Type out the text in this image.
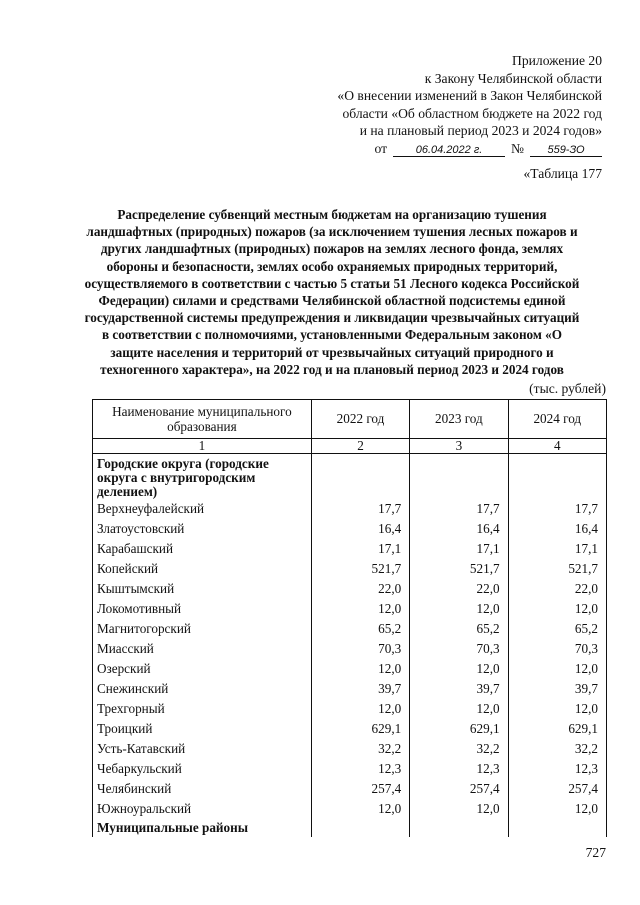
Приложение 20
к Закону Челябинской области
«О внесении изменений в Закон Челябинской
области «Об областном бюджете на 2022 год
и на плановый период 2023 и 2024 годов»
от	06.04.2022 г.	№	559-ЗО
«Таблица 177
Распределение субвенций местным бюджетам на организацию тушения ландшафтных (природных) пожаров (за исключением тушения лесных пожаров и других ландшафтных (природных) пожаров на землях лесного фонда, землях обороны и безопасности, землях особо охраняемых природных территорий, осуществляемого в соответствии с частью 5 статьи 51 Лесного кодекса Российской Федерации) силами и средствами Челябинской областной подсистемы единой государственной системы предупреждения и ликвидации чрезвычайных ситуаций в соответствии с полномочиями, установленными Федеральным законом «О защите населения и территорий от чрезвычайных ситуаций природного и техногенного характера», на 2022 год и на плановый период 2023 и 2024 годов
(тыс. рублей)
Наименование муниципального образования	2022 год	2023 год	2024 год
1	2	3	4
Городские округа (городские округа с внутригородским делением)			
Верхнеуфалейский	17,7	17,7	17,7
Златоустовский	16,4	16,4	16,4
Карабашский	17,1	17,1	17,1
Копейский	521,7	521,7	521,7
Кыштымский	22,0	22,0	22,0
Локомотивный	12,0	12,0	12,0
Магнитогорский	65,2	65,2	65,2
Миасский	70,3	70,3	70,3
Озерский	12,0	12,0	12,0
Снежинский	39,7	39,7	39,7
Трехгорный	12,0	12,0	12,0
Троицкий	629,1	629,1	629,1
Усть-Катавский	32,2	32,2	32,2
Чебаркульский	12,3	12,3	12,3
Челябинский	257,4	257,4	257,4
Южноуральский	12,0	12,0	12,0
Муниципальные районы			
727
